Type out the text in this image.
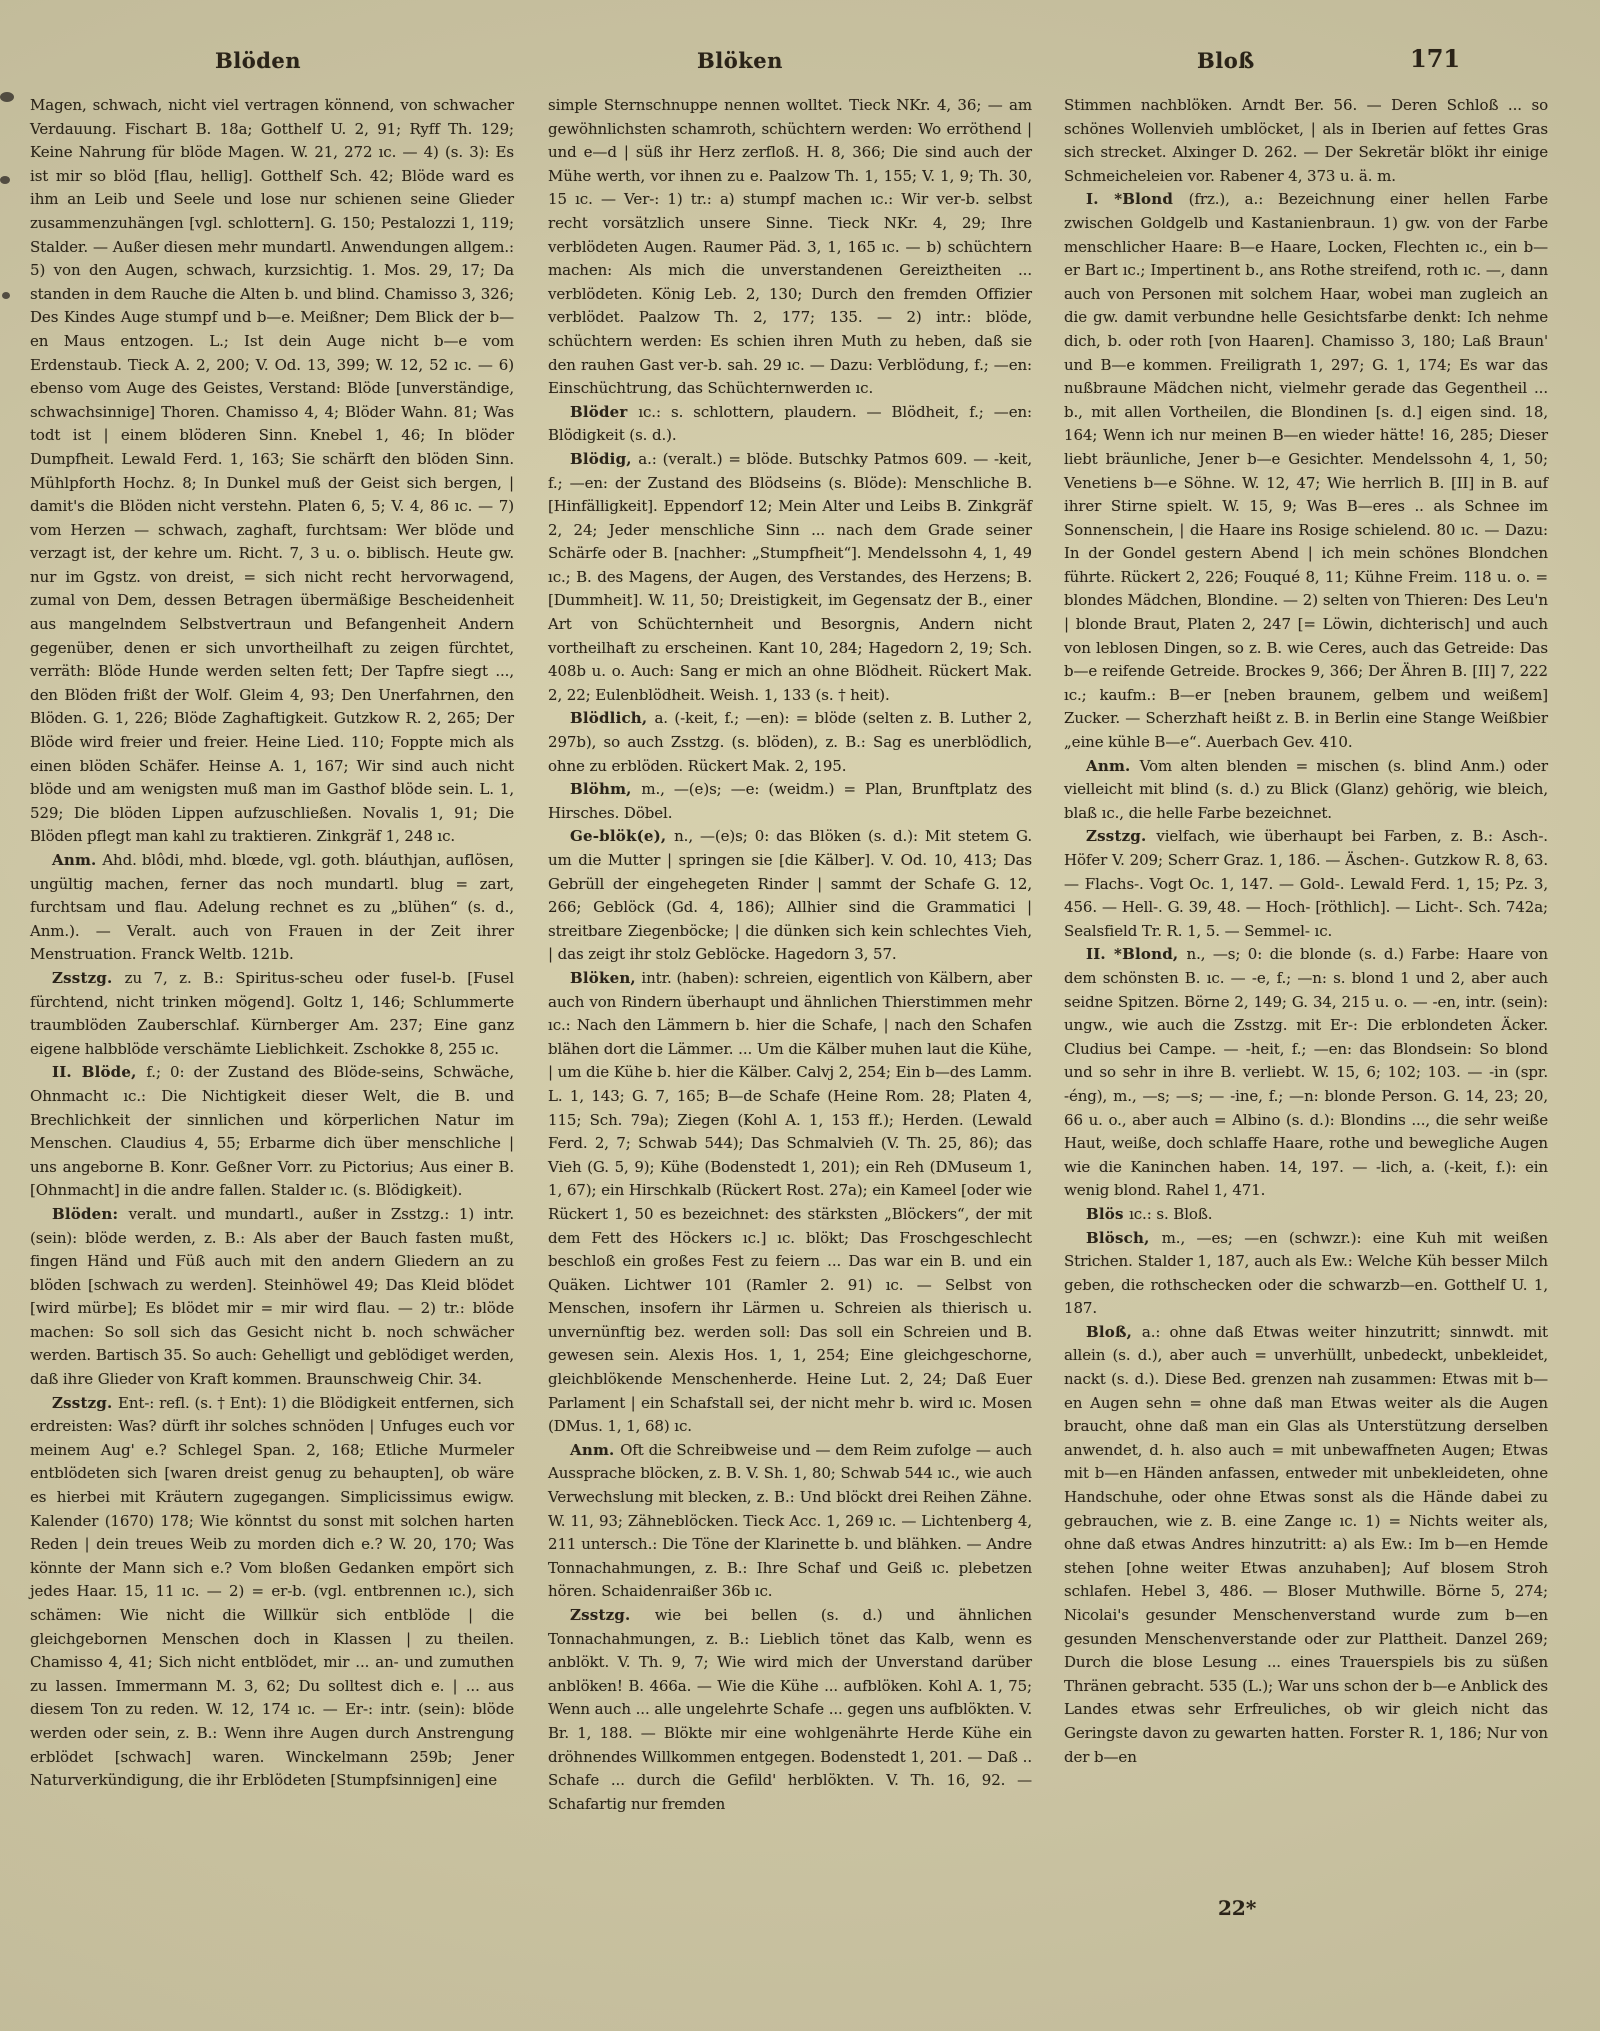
Blöden	Blöken	Bloß	171

Magen, schwach, nicht viel vertragen könnend, von schwacher Verdauung. Fischart B. 18a; Gotthelf U. 2, 91; Ryff Th. 129; Keine Nahrung für blöde Magen. W. 21, 272 ıc. — 4) (s. 3): Es ist mir so blöd [flau, hellig]. Gotthelf Sch. 42; Blöde ward es ihm an Leib und Seele und lose nur schienen seine Glieder zusammenzuhängen [vgl. schlottern]. G. 150; Pestalozzi 1, 119; Stalder. — Außer diesen mehr mundartl. Anwendungen allgem.: 5) von den Augen, schwach, kurzsichtig. 1. Mos. 29, 17; Da standen in dem Rauche die Alten b. und blind. Chamisso 3, 326; Des Kindes Auge stumpf und b—e. Meißner; Dem Blick der b—en Maus entzogen. L.; Ist dein Auge nicht b—e vom Erdenstaub. Tieck A. 2, 200; V. Od. 13, 399; W. 12, 52 ıc. — 6) ebenso vom Auge des Geistes, Verstand: Blöde [unverständige, schwachsinnige] Thoren. Chamisso 4, 4; Blöder Wahn. 81; Was todt ist | einem blöderen Sinn. Knebel 1, 46; In blöder Dumpfheit. Lewald Ferd. 1, 163; Sie schärft den blöden Sinn. Mühlpforth Hochz. 8; In Dunkel muß der Geist sich bergen, | damit's die Blöden nicht verstehn. Platen 6, 5; V. 4, 86 ıc. — 7) vom Herzen — schwach, zaghaft, furchtsam: Wer blöde und verzagt ist, der kehre um. Richt. 7, 3 u. o. biblisch. Heute gw. nur im Ggstz. von dreist, = sich nicht recht hervorwagend, zumal von Dem, dessen Betragen übermäßige Bescheidenheit aus mangelndem Selbstvertraun und Befangenheit Andern gegenüber, denen er sich unvortheilhaft zu zeigen fürchtet, verräth: Blöde Hunde werden selten fett; Der Tapfre siegt ..., den Blöden frißt der Wolf. Gleim 4, 93; Den Unerfahrnen, den Blöden. G. 1, 226; Blöde Zaghaftigkeit. Gutzkow R. 2, 265; Der Blöde wird freier und freier. Heine Lied. 110; Foppte mich als einen blöden Schäfer. Heinse A. 1, 167; Wir sind auch nicht blöde und am wenigsten muß man im Gasthof blöde sein. L. 1, 529; Die blöden Lippen aufzuschließen. Novalis 1, 91; Die Blöden pflegt man kahl zu traktieren. Zinkgräf 1, 248 ıc.

Anm. Ahd. blôdi, mhd. blœde, vgl. goth. bláuthjan, auflösen, ungültig machen, ferner das noch mundartl. blug = zart, furchtsam und flau. Adelung rechnet es zu „blühen“ (s. d., Anm.). — Veralt. auch von Frauen in der Zeit ihrer Menstruation. Franck Weltb. 121b.

Zsstzg. zu 7, z. B.: Spiritus-scheu oder fusel-b. [Fusel fürchtend, nicht trinken mögend]. Goltz 1, 146; Schlummerte traumblöden Zauberschlaf. Kürnberger Am. 237; Eine ganz eigene halbblöde verschämte Lieblichkeit. Zschokke 8, 255 ıc.

II. Blöde, f.; 0: der Zustand des Blöde-seins, Schwäche, Ohnmacht ıc.: Die Nichtigkeit dieser Welt, die B. und Brechlichkeit der sinnlichen und körperlichen Natur im Menschen. Claudius 4, 55; Erbarme dich über menschliche | uns angeborne B. Konr. Geßner Vorr. zu Pictorius; Aus einer B. [Ohnmacht] in die andre fallen. Stalder ıc. (s. Blödigkeit).

Blöden: veralt. und mundartl., außer in Zsstzg.: 1) intr. (sein): blöde werden, z. B.: Als aber der Bauch fasten mußt, fingen Händ und Füß auch mit den andern Gliedern an zu blöden [schwach zu werden]. Steinhöwel 49; Das Kleid blödet [wird mürbe]; Es blödet mir = mir wird flau. — 2) tr.: blöde machen: So soll sich das Gesicht nicht b. noch schwächer werden. Bartisch 35. So auch: Gehelligt und geblödiget werden, daß ihre Glieder von Kraft kommen. Braunschweig Chir. 34.

Zsstzg. Ent-: refl. (s. † Ent): 1) die Blödigkeit entfernen, sich erdreisten: Was? dürft ihr solches schnöden | Unfuges euch vor meinem Aug' e.? Schlegel Span. 2, 168; Etliche Murmeler entblödeten sich [waren dreist genug zu behaupten], ob wäre es hierbei mit Kräutern zugegangen. Simplicissimus ewigw. Kalender (1670) 178; Wie könntst du sonst mit solchen harten Reden | dein treues Weib zu morden dich e.? W. 20, 170; Was könnte der Mann sich e.? Vom bloßen Gedanken empört sich jedes Haar. 15, 11 ıc. — 2) = er-b. (vgl. entbrennen ıc.), sich schämen: Wie nicht die Willkür sich entblöde | die gleichgebornen Menschen doch in Klassen | zu theilen. Chamisso 4, 41; Sich nicht entblödet, mir ... an- und zumuthen zu lassen. Immermann M. 3, 62; Du solltest dich e. | ... aus diesem Ton zu reden. W. 12, 174 ıc. — Er-: intr. (sein): blöde werden oder sein, z. B.: Wenn ihre Augen durch Anstrengung erblödet [schwach] waren. Winckelmann 259b; Jener Naturverkündigung, die ihr Erblödeten [Stumpfsinnigen] eine

simple Sternschnuppe nennen wolltet. Tieck NKr. 4, 36; — am gewöhnlichsten schamroth, schüchtern werden: Wo erröthend | und e—d | süß ihr Herz zerfloß. H. 8, 366; Die sind auch der Mühe werth, vor ihnen zu e. Paalzow Th. 1, 155; V. 1, 9; Th. 30, 15 ıc. — Ver-: 1) tr.: a) stumpf machen ıc.: Wir ver-b. selbst recht vorsätzlich unsere Sinne. Tieck NKr. 4, 29; Ihre verblödeten Augen. Raumer Päd. 3, 1, 165 ıc. — b) schüchtern machen: Als mich die unverstandenen Gereiztheiten ... verblödeten. König Leb. 2, 130; Durch den fremden Offizier verblödet. Paalzow Th. 2, 177; 135. — 2) intr.: blöde, schüchtern werden: Es schien ihren Muth zu heben, daß sie den rauhen Gast ver-b. sah. 29 ıc. — Dazu: Verblödung, f.; —en: Einschüchtrung, das Schüchternwerden ıc.

Blöder ıc.: s. schlottern, plaudern. — Blödheit, f.; —en: Blödigkeit (s. d.).

Blödig, a.: (veralt.) = blöde. Butschky Patmos 609. — -keit, f.; —en: der Zustand des Blödseins (s. Blöde): Menschliche B. [Hinfälligkeit]. Eppendorf 12; Mein Alter und Leibs B. Zinkgräf 2, 24; Jeder menschliche Sinn ... nach dem Grade seiner Schärfe oder B. [nachher: „Stumpfheit“]. Mendelssohn 4, 1, 49 ıc.; B. des Magens, der Augen, des Verstandes, des Herzens; B. [Dummheit]. W. 11, 50; Dreistigkeit, im Gegensatz der B., einer Art von Schüchternheit und Besorgnis, Andern nicht vortheilhaft zu erscheinen. Kant 10, 284; Hagedorn 2, 19; Sch. 408b u. o. Auch: Sang er mich an ohne Blödheit. Rückert Mak. 2, 22; Eulenblödheit. Weish. 1, 133 (s. † heit).

Blödlich, a. (-keit, f.; —en): = blöde (selten z. B. Luther 2, 297b), so auch Zsstzg. (s. blöden), z. B.: Sag es unerblödlich, ohne zu erblöden. Rückert Mak. 2, 195.

Blöhm, m., —(e)s; —e: (weidm.) = Plan, Brunftplatz des Hirsches. Döbel.

Ge-blök(e), n., —(e)s; 0: das Blöken (s. d.): Mit stetem G. um die Mutter | springen sie [die Kälber]. V. Od. 10, 413; Das Gebrüll der eingehegeten Rinder | sammt der Schafe G. 12, 266; Geblöck (Gd. 4, 186); Allhier sind die Grammatici | streitbare Ziegenböcke; | die dünken sich kein schlechtes Vieh, | das zeigt ihr stolz Geblöcke. Hagedorn 3, 57.

Blöken, intr. (haben): schreien, eigentlich von Kälbern, aber auch von Rindern überhaupt und ähnlichen Thierstimmen mehr ıc.: Nach den Lämmern b. hier die Schafe, | nach den Schafen blähen dort die Lämmer. ... Um die Kälber muhen laut die Kühe, | um die Kühe b. hier die Kälber. Calvj 2, 254; Ein b—des Lamm. L. 1, 143; G. 7, 165; B—de Schafe (Heine Rom. 28; Platen 4, 115; Sch. 79a); Ziegen (Kohl A. 1, 153 ff.); Herden. (Lewald Ferd. 2, 7; Schwab 544); Das Schmalvieh (V. Th. 25, 86); das Vieh (G. 5, 9); Kühe (Bodenstedt 1, 201); ein Reh (DMuseum 1, 1, 67); ein Hirschkalb (Rückert Rost. 27a); ein Kameel [oder wie Rückert 1, 50 es bezeichnet: des stärksten „Blöckers“, der mit dem Fett des Höckers ıc.] ıc. blökt; Das Froschgeschlecht beschloß ein großes Fest zu feiern ... Das war ein B. und ein Quäken. Lichtwer 101 (Ramler 2. 91) ıc. — Selbst von Menschen, insofern ihr Lärmen u. Schreien als thierisch u. unvernünftig bez. werden soll: Das soll ein Schreien und B. gewesen sein. Alexis Hos. 1, 1, 254; Eine gleichgeschorne, gleichblökende Menschenherde. Heine Lut. 2, 24; Daß Euer Parlament | ein Schafstall sei, der nicht mehr b. wird ıc. Mosen (DMus. 1, 1, 68) ıc.

Anm. Oft die Schreibweise und — dem Reim zufolge — auch Aussprache blöcken, z. B. V. Sh. 1, 80; Schwab 544 ıc., wie auch Verwechslung mit blecken, z. B.: Und blöckt drei Reihen Zähne. W. 11, 93; Zähneblöcken. Tieck Acc. 1, 269 ıc. — Lichtenberg 4, 211 untersch.: Die Töne der Klarinette b. und blähken. — Andre Tonnachahmungen, z. B.: Ihre Schaf und Geiß ıc. plebetzen hören. Schaidenraißer 36b ıc.

Zsstzg. wie bei bellen (s. d.) und ähnlichen Tonnachahmungen, z. B.: Lieblich tönet das Kalb, wenn es anblökt. V. Th. 9, 7; Wie wird mich der Unverstand darüber anblöken! B. 466a. — Wie die Kühe ... aufblöken. Kohl A. 1, 75; Wenn auch ... alle ungelehrte Schafe ... gegen uns aufblökten. V. Br. 1, 188. — Blökte mir eine wohlgenährte Herde Kühe ein dröhnendes Willkommen entgegen. Bodenstedt 1, 201. — Daß .. Schafe ... durch die Gefild' herblökten. V. Th. 16, 92. — Schafartig nur fremden

Stimmen nachblöken. Arndt Ber. 56. — Deren Schloß ... so schönes Wollenvieh umblöcket, | als in Iberien auf fettes Gras sich strecket. Alxinger D. 262. — Der Sekretär blökt ihr einige Schmeicheleien vor. Rabener 4, 373 u. ä. m.

I. *Blond (frz.), a.: Bezeichnung einer hellen Farbe zwischen Goldgelb und Kastanienbraun. 1) gw. von der Farbe menschlicher Haare: B—e Haare, Locken, Flechten ıc., ein b—er Bart ıc.; Impertinent b., ans Rothe streifend, roth ıc. —, dann auch von Personen mit solchem Haar, wobei man zugleich an die gw. damit verbundne helle Gesichtsfarbe denkt: Ich nehme dich, b. oder roth [von Haaren]. Chamisso 3, 180; Laß Braun' und B—e kommen. Freiligrath 1, 297; G. 1, 174; Es war das nußbraune Mädchen nicht, vielmehr gerade das Gegentheil ... b., mit allen Vortheilen, die Blondinen [s. d.] eigen sind. 18, 164; Wenn ich nur meinen B—en wieder hätte! 16, 285; Dieser liebt bräunliche, Jener b—e Gesichter. Mendelssohn 4, 1, 50; Venetiens b—e Söhne. W. 12, 47; Wie herrlich B. [II] in B. auf ihrer Stirne spielt. W. 15, 9; Was B—eres .. als Schnee im Sonnenschein, | die Haare ins Rosige schielend. 80 ıc. — Dazu: In der Gondel gestern Abend | ich mein schönes Blondchen führte. Rückert 2, 226; Fouqué 8, 11; Kühne Freim. 118 u. o. = blondes Mädchen, Blondine. — 2) selten von Thieren: Des Leu'n | blonde Braut, Platen 2, 247 [= Löwin, dichterisch] und auch von leblosen Dingen, so z. B. wie Ceres, auch das Getreide: Das b—e reifende Getreide. Brockes 9, 366; Der Ähren B. [II] 7, 222 ıc.; kaufm.: B—er [neben braunem, gelbem und weißem] Zucker. — Scherzhaft heißt z. B. in Berlin eine Stange Weißbier „eine kühle B—e“. Auerbach Gev. 410.

Anm. Vom alten blenden = mischen (s. blind Anm.) oder vielleicht mit blind (s. d.) zu Blick (Glanz) gehörig, wie bleich, blaß ıc., die helle Farbe bezeichnet.

Zsstzg. vielfach, wie überhaupt bei Farben, z. B.: Asch-. Höfer V. 209; Scherr Graz. 1, 186. — Äschen-. Gutzkow R. 8, 63. — Flachs-. Vogt Oc. 1, 147. — Gold-. Lewald Ferd. 1, 15; Pz. 3, 456. — Hell-. G. 39, 48. — Hoch- [röthlich]. — Licht-. Sch. 742a; Sealsfield Tr. R. 1, 5. — Semmel- ıc.

II. *Blond, n., —s; 0: die blonde (s. d.) Farbe: Haare von dem schönsten B. ıc. — -e, f.; —n: s. blond 1 und 2, aber auch seidne Spitzen. Börne 2, 149; G. 34, 215 u. o. — -en, intr. (sein): ungw., wie auch die Zsstzg. mit Er-: Die erblondeten Äcker. Cludius bei Campe. — -heit, f.; —en: das Blondsein: So blond und so sehr in ihre B. verliebt. W. 15, 6; 102; 103. — -in (spr. -éng), m., —s; —s; — -ine, f.; —n: blonde Person. G. 14, 23; 20, 66 u. o., aber auch = Albino (s. d.): Blondins ..., die sehr weiße Haut, weiße, doch schlaffe Haare, rothe und bewegliche Augen wie die Kaninchen haben. 14, 197. — -lich, a. (-keit, f.): ein wenig blond. Rahel 1, 471.

Blös ıc.: s. Bloß.

Blösch, m., —es; —en (schwzr.): eine Kuh mit weißen Strichen. Stalder 1, 187, auch als Ew.: Welche Küh besser Milch geben, die rothschecken oder die schwarzb—en. Gotthelf U. 1, 187.

Bloß, a.: ohne daß Etwas weiter hinzutritt; sinnwdt. mit allein (s. d.), aber auch = unverhüllt, unbedeckt, unbekleidet, nackt (s. d.). Diese Bed. grenzen nah zusammen: Etwas mit b—en Augen sehn = ohne daß man Etwas weiter als die Augen braucht, ohne daß man ein Glas als Unterstützung derselben anwendet, d. h. also auch = mit unbewaffneten Augen; Etwas mit b—en Händen anfassen, entweder mit unbekleideten, ohne Handschuhe, oder ohne Etwas sonst als die Hände dabei zu gebrauchen, wie z. B. eine Zange ıc. 1) = Nichts weiter als, ohne daß etwas Andres hinzutritt: a) als Ew.: Im b—en Hemde stehen [ohne weiter Etwas anzuhaben]; Auf blosem Stroh schlafen. Hebel 3, 486. — Bloser Muthwille. Börne 5, 274; Nicolai's gesunder Menschenverstand wurde zum b—en gesunden Menschenverstande oder zur Plattheit. Danzel 269; Durch die blose Lesung ... eines Trauerspiels bis zu süßen Thränen gebracht. 535 (L.); War uns schon der b—e Anblick des Landes etwas sehr Erfreuliches, ob wir gleich nicht das Geringste davon zu gewarten hatten. Forster R. 1, 186; Nur von der b—en

22*
